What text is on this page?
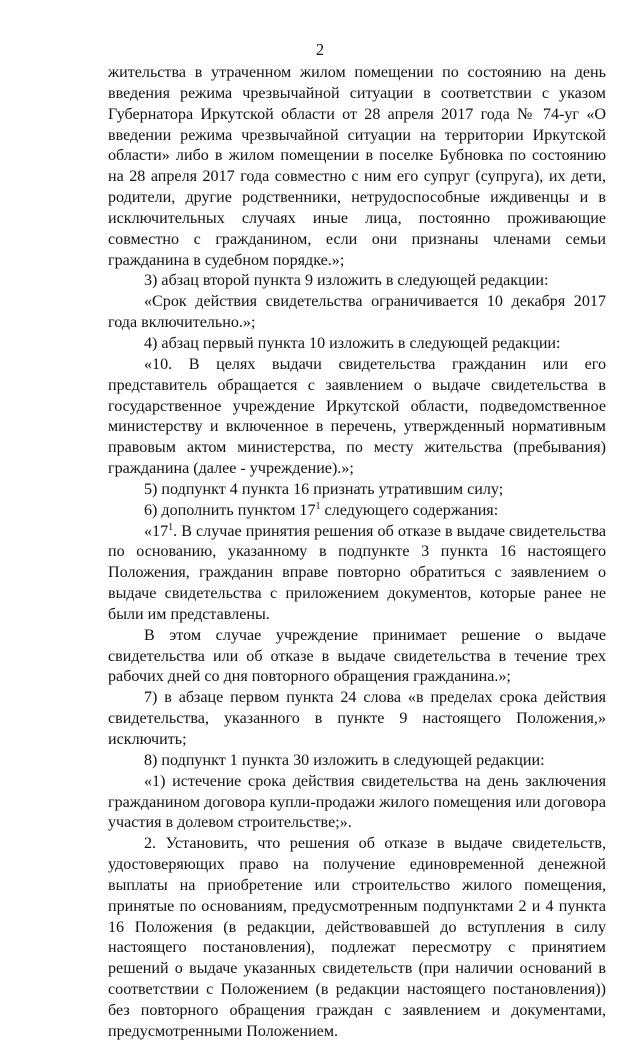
2

жительства в утраченном жилом помещении по состоянию на день введения режима чрезвычайной ситуации в соответствии с указом Губернатора Иркутской области от 28 апреля 2017 года № 74-уг «О введении режима чрезвычайной ситуации на территории Иркутской области» либо в жилом помещении в поселке Бубновка по состоянию на 28 апреля 2017 года совместно с ним его супруг (супруга), их дети, родители, другие родственники, нетрудоспособные иждивенцы и в исключительных случаях иные лица, постоянно проживающие совместно с гражданином, если они признаны членами семьи гражданина в судебном порядке.»;

3) абзац второй пункта 9 изложить в следующей редакции:

«Срок действия свидетельства ограничивается 10 декабря 2017 года включительно.»;

4) абзац первый пункта 10 изложить в следующей редакции:

«10. В целях выдачи свидетельства гражданин или его представитель обращается с заявлением о выдаче свидетельства в государственное учреждение Иркутской области, подведомственное министерству и включенное в перечень, утвержденный нормативным правовым актом министерства, по месту жительства (пребывания) гражданина (далее - учреждение).»;

5) подпункт 4 пункта 16 признать утратившим силу;

6) дополнить пунктом $17^1$ следующего содержания:

«$17^1$. В случае принятия решения об отказе в выдаче свидетельства по основанию, указанному в подпункте 3 пункта 16 настоящего Положения, гражданин вправе повторно обратиться с заявлением о выдаче свидетельства с приложением документов, которые ранее не были им представлены.

В этом случае учреждение принимает решение о выдаче свидетельства или об отказе в выдаче свидетельства в течение трех рабочих дней со дня повторного обращения гражданина.»;

7) в абзаце первом пункта 24 слова «в пределах срока действия свидетельства, указанного в пункте 9 настоящего Положения,» исключить;

8) подпункт 1 пункта 30 изложить в следующей редакции:

«1) истечение срока действия свидетельства на день заключения гражданином договора купли-продажи жилого помещения или договора участия в долевом строительстве;».

2. Установить, что решения об отказе в выдаче свидетельств, удостоверяющих право на получение единовременной денежной выплаты на приобретение или строительство жилого помещения, принятые по основаниям, предусмотренным подпунктами 2 и 4 пункта 16 Положения (в редакции, действовавшей до вступления в силу настоящего постановления), подлежат пересмотру с принятием решений о выдаче указанных свидетельств (при наличии оснований в соответствии с Положением (в редакции настоящего постановления)) без повторного обращения граждан с заявлением и документами, предусмотренными Положением.
